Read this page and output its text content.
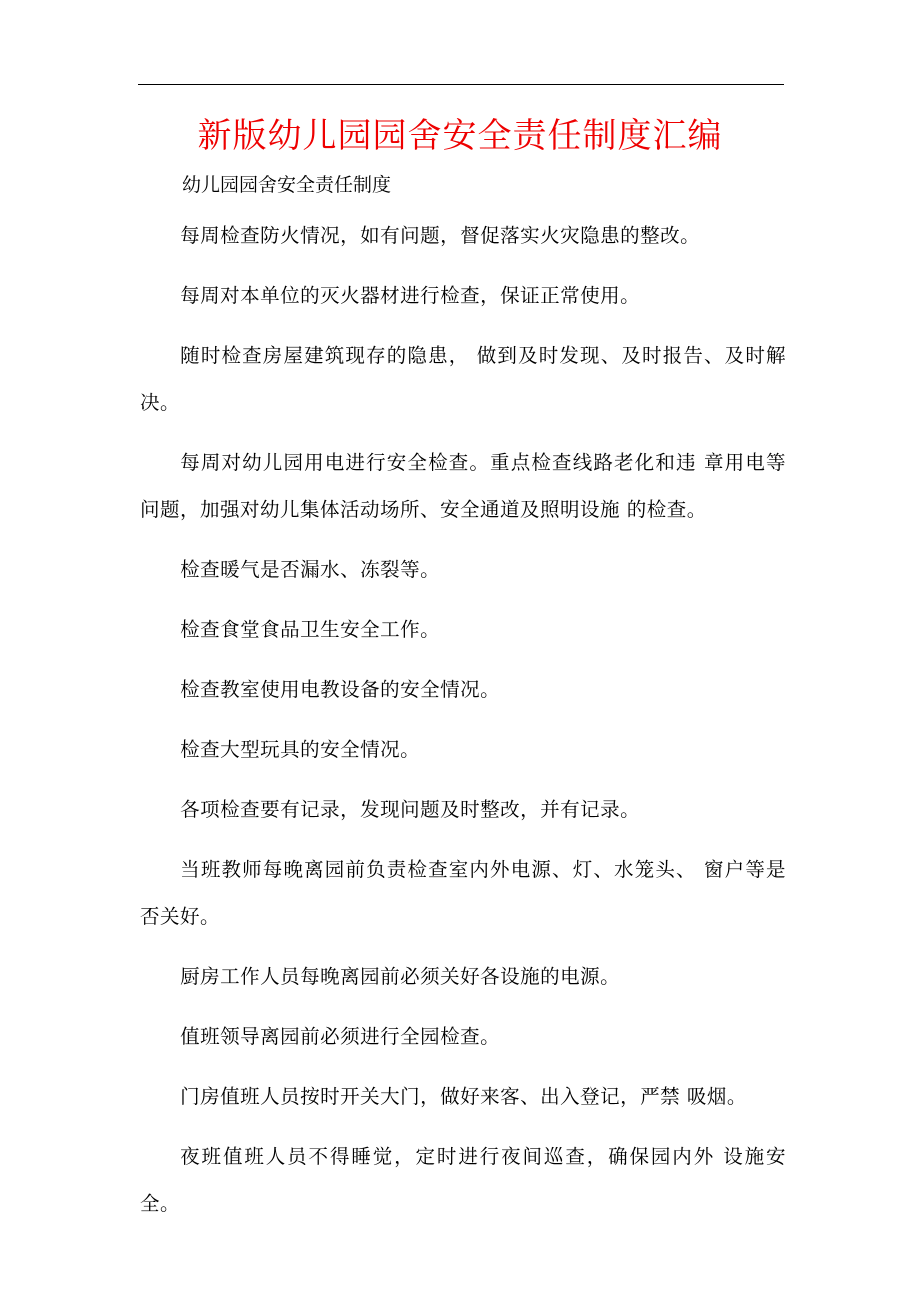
新版幼儿园园舍安全责任制度汇编

幼儿园园舍安全责任制度

每周检查防火情况，如有问题，督促落实火灾隐患的整改。

每周对本单位的灭火器材进行检查，保证正常使用。

随时检查房屋建筑现存的隐患， 做到及时发现、及时报告、及时解决。

每周对幼儿园用电进行安全检查。重点检查线路老化和违 章用电等问题，加强对幼儿集体活动场所、安全通道及照明设施 的检查。

检查暖气是否漏水、冻裂等。

检查食堂食品卫生安全工作。

检查教室使用电教设备的安全情况。

检查大型玩具的安全情况。

各项检查要有记录，发现问题及时整改，并有记录。

当班教师每晚离园前负责检查室内外电源、灯、水笼头、 窗户等是否关好。

厨房工作人员每晚离园前必须关好各设施的电源。

值班领导离园前必须进行全园检查。

门房值班人员按时开关大门，做好来客、出入登记，严禁 吸烟。

夜班值班人员不得睡觉，定时进行夜间巡查，确保园内外 设施安全。
